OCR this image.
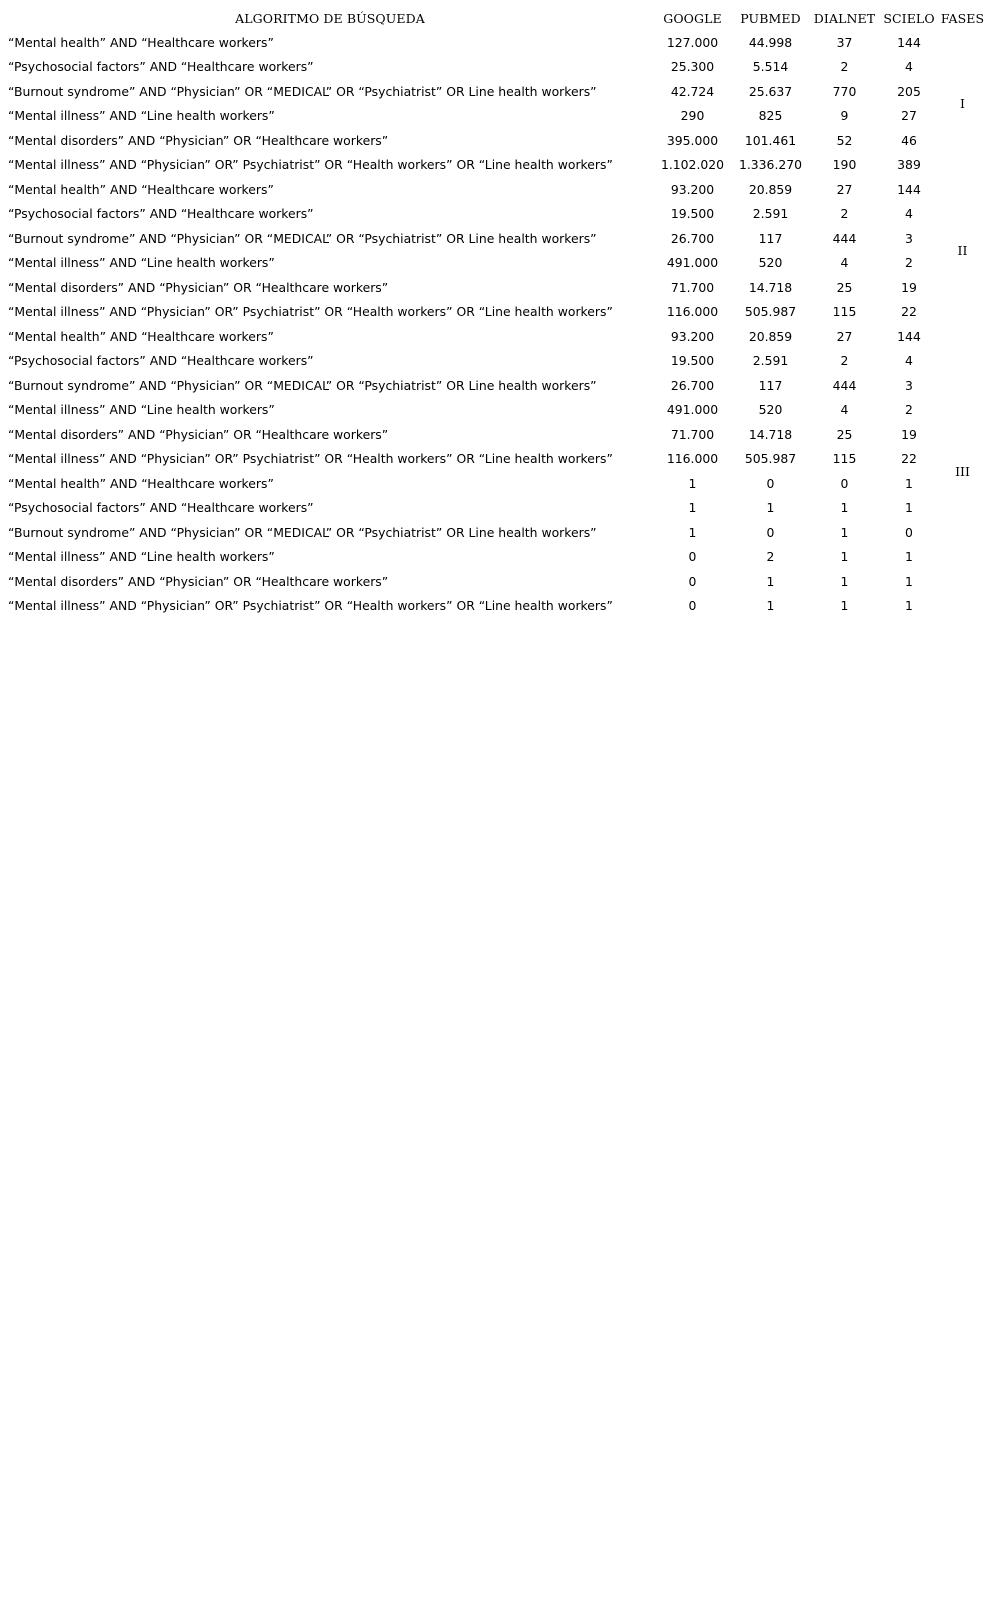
ALGORITMO DE BÚSQUEDA	GOOGLE	PUBMED	DIALNET	SCIELO	FASES
“Mental health” AND “Healthcare workers”	127.000	44.998	37	144	I
“Psychosocial factors” AND “Healthcare workers”	25.300	5.514	2	4	
“Burnout syndrome” AND “Physician” OR “MEDICAL” OR “Psychiatrist” OR Line health workers”	42.724	25.637	770	205	
“Mental illness” AND “Line health workers”	290	825	9	27	
“Mental disorders” AND “Physician” OR “Healthcare workers”	395.000	101.461	52	46	
“Mental illness” AND “Physician” OR” Psychiatrist” OR “Health workers” OR “Line health workers”	1.102.020	1.336.270	190	389	
“Mental health” AND “Healthcare workers”	93.200	20.859	27	144	II
“Psychosocial factors” AND “Healthcare workers”	19.500	2.591	2	4	
“Burnout syndrome” AND “Physician” OR “MEDICAL” OR “Psychiatrist” OR Line health workers”	26.700	117	444	3	
“Mental illness” AND “Line health workers”	491.000	520	4	2	
“Mental disorders” AND “Physician” OR “Healthcare workers”	71.700	14.718	25	19	
“Mental illness” AND “Physician” OR” Psychiatrist” OR “Health workers” OR “Line health workers”	116.000	505.987	115	22	
“Mental health” AND “Healthcare workers”	93.200	20.859	27	144	III
“Psychosocial factors” AND “Healthcare workers”	19.500	2.591	2	4	
“Burnout syndrome” AND “Physician” OR “MEDICAL” OR “Psychiatrist” OR Line health workers”	26.700	117	444	3	
“Mental illness” AND “Line health workers”	491.000	520	4	2	
“Mental disorders” AND “Physician” OR “Healthcare workers”	71.700	14.718	25	19	
“Mental illness” AND “Physician” OR” Psychiatrist” OR “Health workers” OR “Line health workers”	116.000	505.987	115	22	
“Mental health” AND “Healthcare workers”	1	0	0	1	
“Psychosocial factors” AND “Healthcare workers”	1	1	1	1	
“Burnout syndrome” AND “Physician” OR “MEDICAL” OR “Psychiatrist” OR Line health workers”	1	0	1	0	
“Mental illness” AND “Line health workers”	0	2	1	1	
“Mental disorders” AND “Physician” OR “Healthcare workers”	0	1	1	1	
“Mental illness” AND “Physician” OR” Psychiatrist” OR “Health workers” OR “Line health workers”	0	1	1	1	
